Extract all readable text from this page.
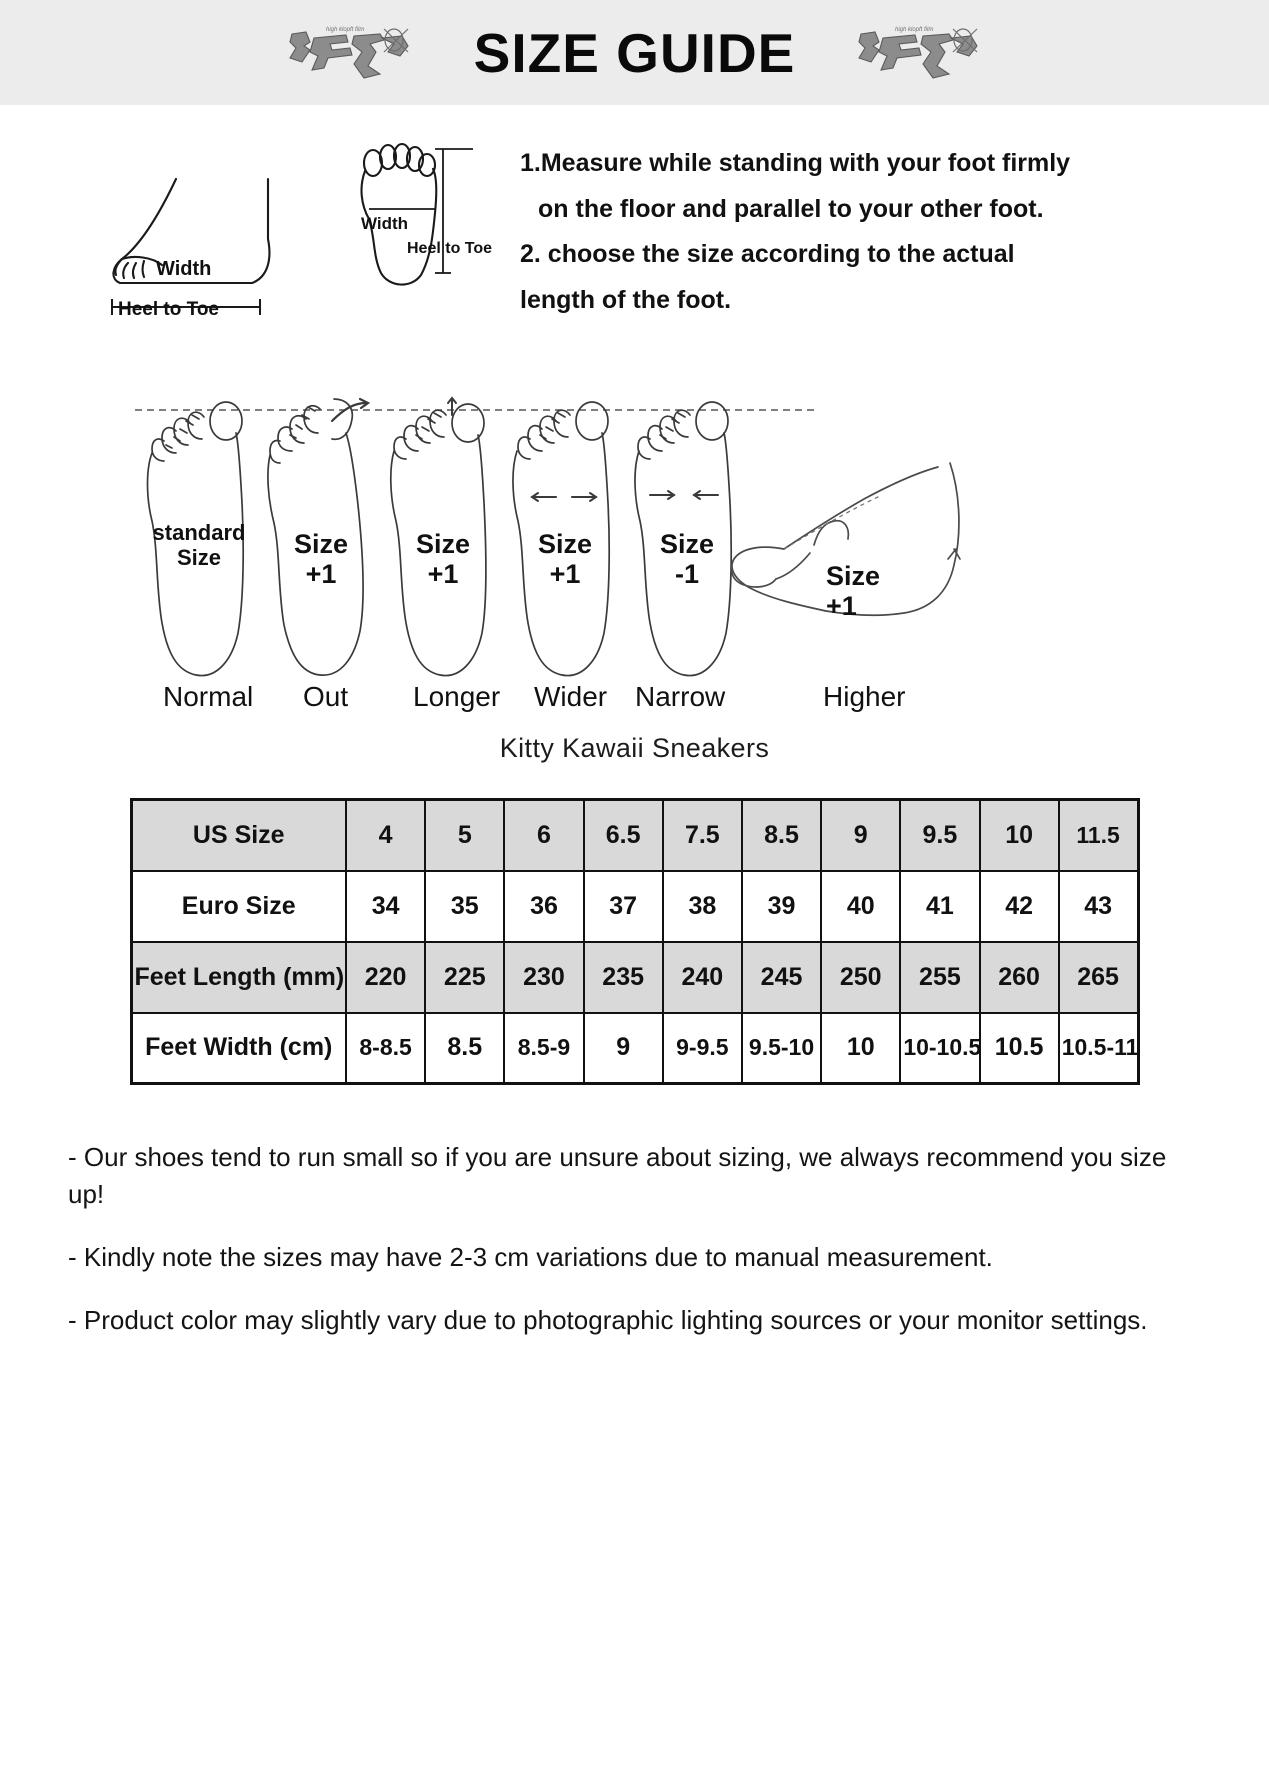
high klopft film SIZE GUIDE	high klopft film
Width
Heel to Toe
Width
Heel to Toe
1.Measure while standing with your foot firmly
on the floor and parallel to your other foot.
2. choose the size according to the actual
length of the foot.
standard
Size	Size
+1
Size
+1
Size
+1
Size
-1	Size
+1
Normal Out Longer Wider Narrow	Higher
Kitty Kawaii Sneakers
US Size	4	5	6	6.5	7.5	8.5	9	9.5	10	11.5
Euro Size	34	35	36	37	38	39	40	41	42	43
Feet Length (mm)	220	225	230	235	240	245	250	255	260	265
Feet Width (cm)	8-8.5	8.5	8.5-9	9	9-9.5	9.5-10	10	10-10.5	10.5	10.5-11
- Our shoes tend to run small so if you are unsure about sizing, we always recommend you size up!
- Kindly note the sizes may have 2-3 cm variations due to manual measurement.
- Product color may slightly vary due to photographic lighting sources or your monitor settings.
